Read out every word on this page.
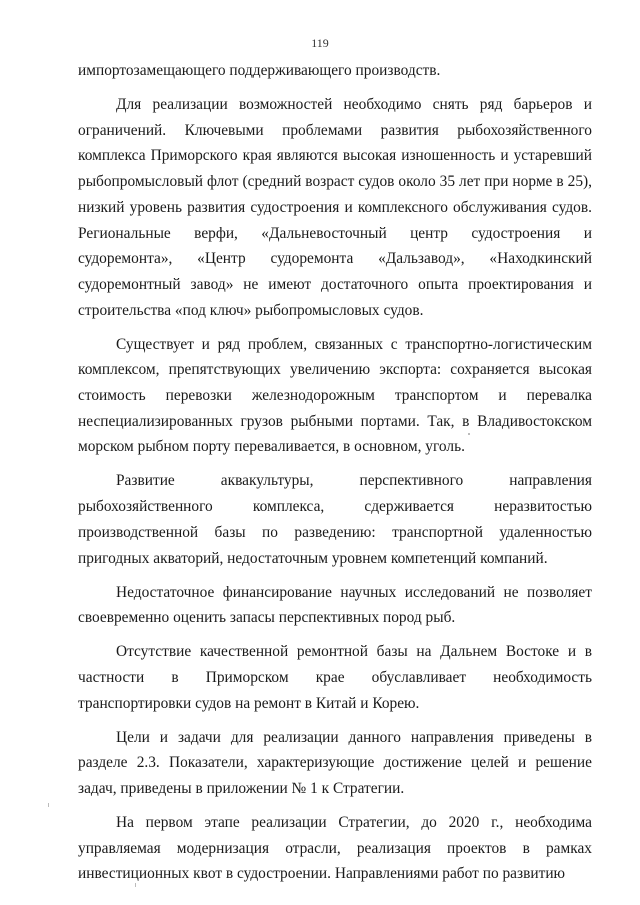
119

импортозамещающего поддерживающего производств.

Для реализации возможностей необходимо снять ряд барьеров и ограничений. Ключевыми проблемами развития рыбохозяйственного комплекса Приморского края являются высокая изношенность и устаревший рыбопромысловый флот (средний возраст судов около 35 лет при норме в 25), низкий уровень развития судостроения и комплексного обслуживания судов. Региональные верфи, «Дальневосточный центр судостроения и судоремонта», «Центр судоремонта «Дальзавод», «Находкинский судоремонтный завод» не имеют достаточного опыта проектирования и строительства «под ключ» рыбопромысловых судов.

Существует и ряд проблем, связанных с транспортно-логистическим комплексом, препятствующих увеличению экспорта: сохраняется высокая стоимость перевозки железнодорожным транспортом и перевалка неспециализированных грузов рыбными портами. Так, в Владивостокском морском рыбном порту переваливается, в основном, уголь.

Развитие аквакультуры, перспективного направления рыбохозяйственного комплекса, сдерживается неразвитостью производственной базы по разведению: транспортной удаленностью пригодных акваторий, недостаточным уровнем компетенций компаний.

Недостаточное финансирование научных исследований не позволяет своевременно оценить запасы перспективных пород рыб.

Отсутствие качественной ремонтной базы на Дальнем Востоке и в частности в Приморском крае обуславливает необходимость транспортировки судов на ремонт в Китай и Корею.

Цели и задачи для реализации данного направления приведены в разделе 2.3. Показатели, характеризующие достижение целей и решение задач, приведены в приложении № 1 к Стратегии.

На первом этапе реализации Стратегии, до 2020 г., необходима управляемая модернизация отрасли, реализация проектов в рамках инвестиционных квот в судостроении. Направлениями работ по развитию
